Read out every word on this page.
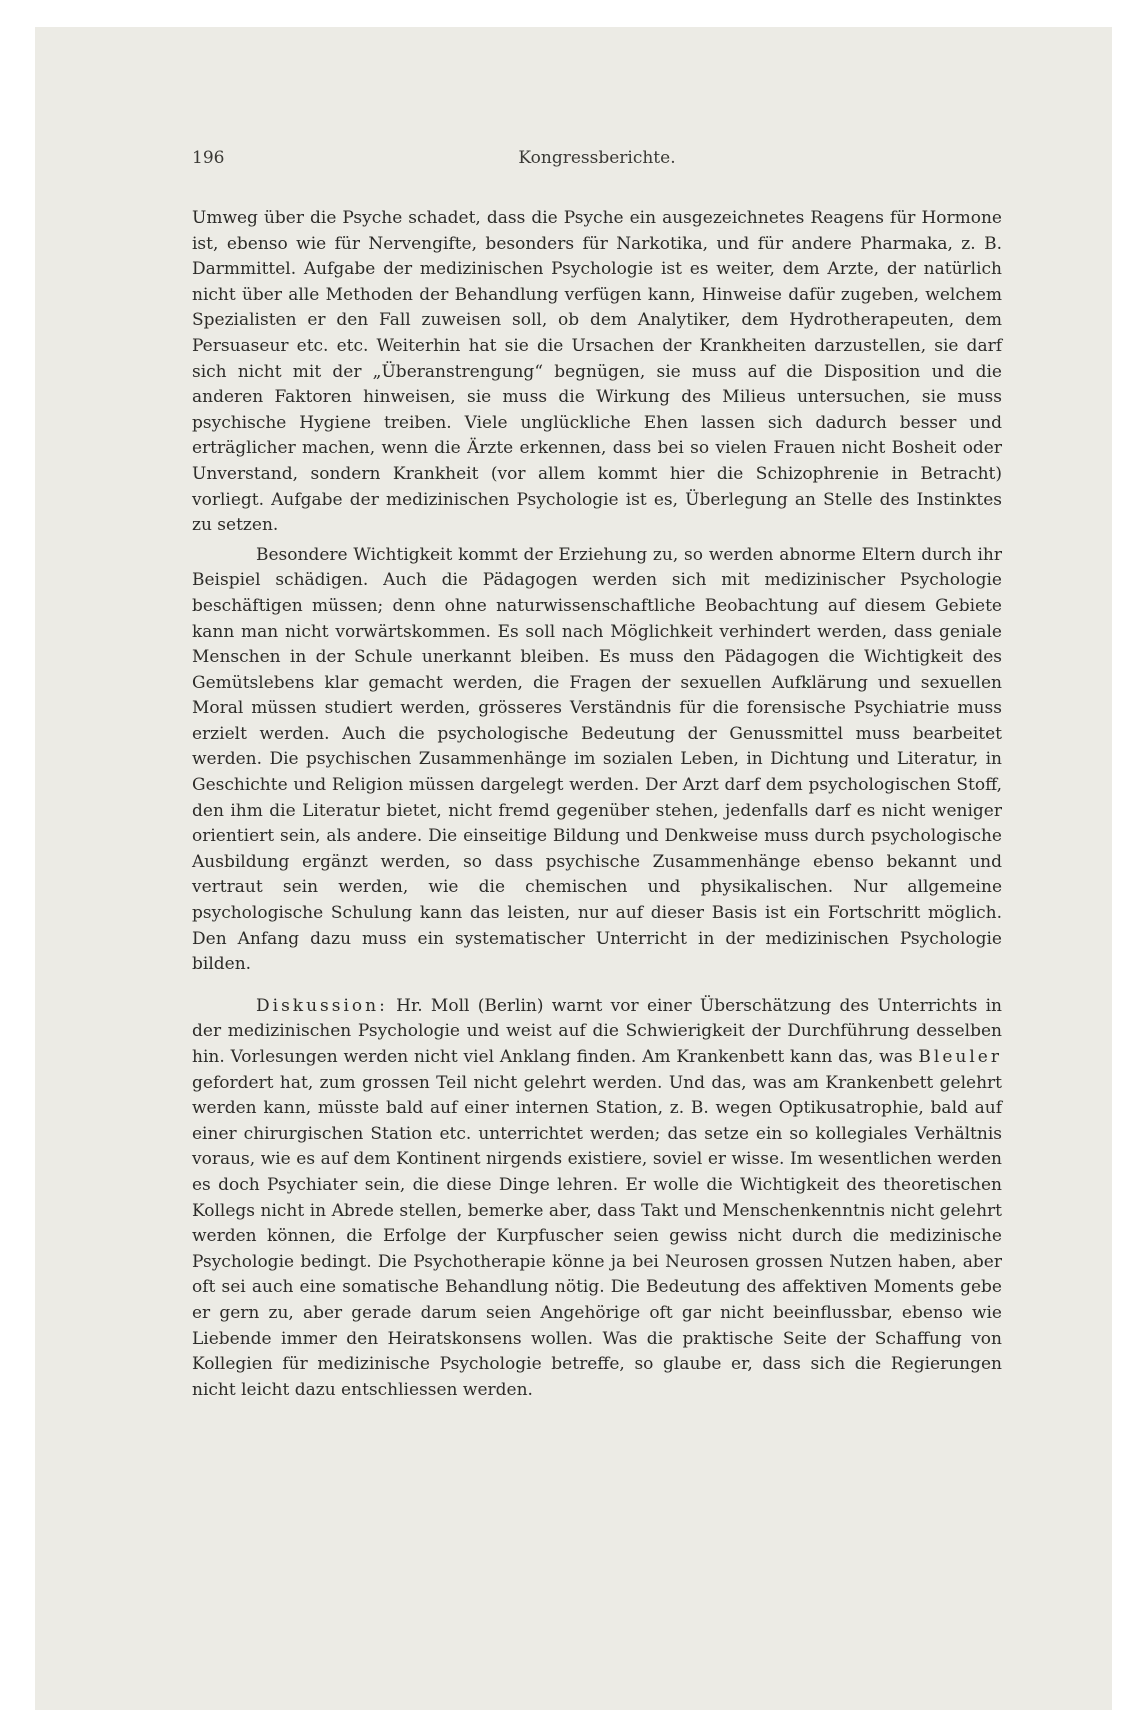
196	Kongressberichte.

Umweg über die Psyche schadet, dass die Psyche ein ausgezeichnetes Reagens für Hormone ist, ebenso wie für Nervengifte, besonders für Narkotika, und für andere Pharmaka, z. B. Darmmittel. Aufgabe der medizinischen Psychologie ist es weiter, dem Arzte, der natürlich nicht über alle Methoden der Behandlung verfügen kann, Hinweise dafür zugeben, welchem Spezialisten er den Fall zuweisen soll, ob dem Analytiker, dem Hydrotherapeuten, dem Persuaseur etc. etc. Weiterhin hat sie die Ursachen der Krankheiten darzustellen, sie darf sich nicht mit der „Überanstrengung“ begnügen, sie muss auf die Disposition und die anderen Faktoren hinweisen, sie muss die Wirkung des Milieus untersuchen, sie muss psychische Hygiene treiben. Viele unglückliche Ehen lassen sich dadurch besser und erträglicher machen, wenn die Ärzte erkennen, dass bei so vielen Frauen nicht Bosheit oder Unverstand, sondern Krankheit (vor allem kommt hier die Schizophrenie in Betracht) vorliegt. Aufgabe der medizinischen Psychologie ist es, Überlegung an Stelle des Instinktes zu setzen.

Besondere Wichtigkeit kommt der Erziehung zu, so werden abnorme Eltern durch ihr Beispiel schädigen. Auch die Pädagogen werden sich mit medizinischer Psychologie beschäftigen müssen; denn ohne naturwissenschaftliche Beobachtung auf diesem Gebiete kann man nicht vorwärtskommen. Es soll nach Möglichkeit verhindert werden, dass geniale Menschen in der Schule unerkannt bleiben. Es muss den Pädagogen die Wichtigkeit des Gemütslebens klar gemacht werden, die Fragen der sexuellen Aufklärung und sexuellen Moral müssen studiert werden, grösseres Verständnis für die forensische Psychiatrie muss erzielt werden. Auch die psychologische Bedeutung der Genussmittel muss bearbeitet werden. Die psychischen Zusammenhänge im sozialen Leben, in Dichtung und Literatur, in Geschichte und Religion müssen dargelegt werden. Der Arzt darf dem psychologischen Stoff, den ihm die Literatur bietet, nicht fremd gegenüber stehen, jedenfalls darf es nicht weniger orientiert sein, als andere. Die einseitige Bildung und Denkweise muss durch psychologische Ausbildung ergänzt werden, so dass psychische Zusammenhänge ebenso bekannt und vertraut sein werden, wie die chemischen und physikalischen. Nur allgemeine psychologische Schulung kann das leisten, nur auf dieser Basis ist ein Fortschritt möglich. Den Anfang dazu muss ein systematischer Unterricht in der medizinischen Psychologie bilden.

Diskussion: Hr. Moll (Berlin) warnt vor einer Überschätzung des Unterrichts in der medizinischen Psychologie und weist auf die Schwierigkeit der Durchführung desselben hin. Vorlesungen werden nicht viel Anklang finden. Am Krankenbett kann das, was Bleuler gefordert hat, zum grossen Teil nicht gelehrt werden. Und das, was am Krankenbett gelehrt werden kann, müsste bald auf einer internen Station, z. B. wegen Optikusatrophie, bald auf einer chirurgischen Station etc. unterrichtet werden; das setze ein so kollegiales Verhältnis voraus, wie es auf dem Kontinent nirgends existiere, soviel er wisse. Im wesentlichen werden es doch Psychiater sein, die diese Dinge lehren. Er wolle die Wichtigkeit des theoretischen Kollegs nicht in Abrede stellen, bemerke aber, dass Takt und Menschenkenntnis nicht gelehrt werden können, die Erfolge der Kurpfuscher seien gewiss nicht durch die medizinische Psychologie bedingt. Die Psychotherapie könne ja bei Neurosen grossen Nutzen haben, aber oft sei auch eine somatische Behandlung nötig. Die Bedeutung des affektiven Moments gebe er gern zu, aber gerade darum seien Angehörige oft gar nicht beeinflussbar, ebenso wie Liebende immer den Heiratskonsens wollen. Was die praktische Seite der Schaffung von Kollegien für medizinische Psychologie betreffe, so glaube er, dass sich die Regierungen nicht leicht dazu entschliessen werden.
